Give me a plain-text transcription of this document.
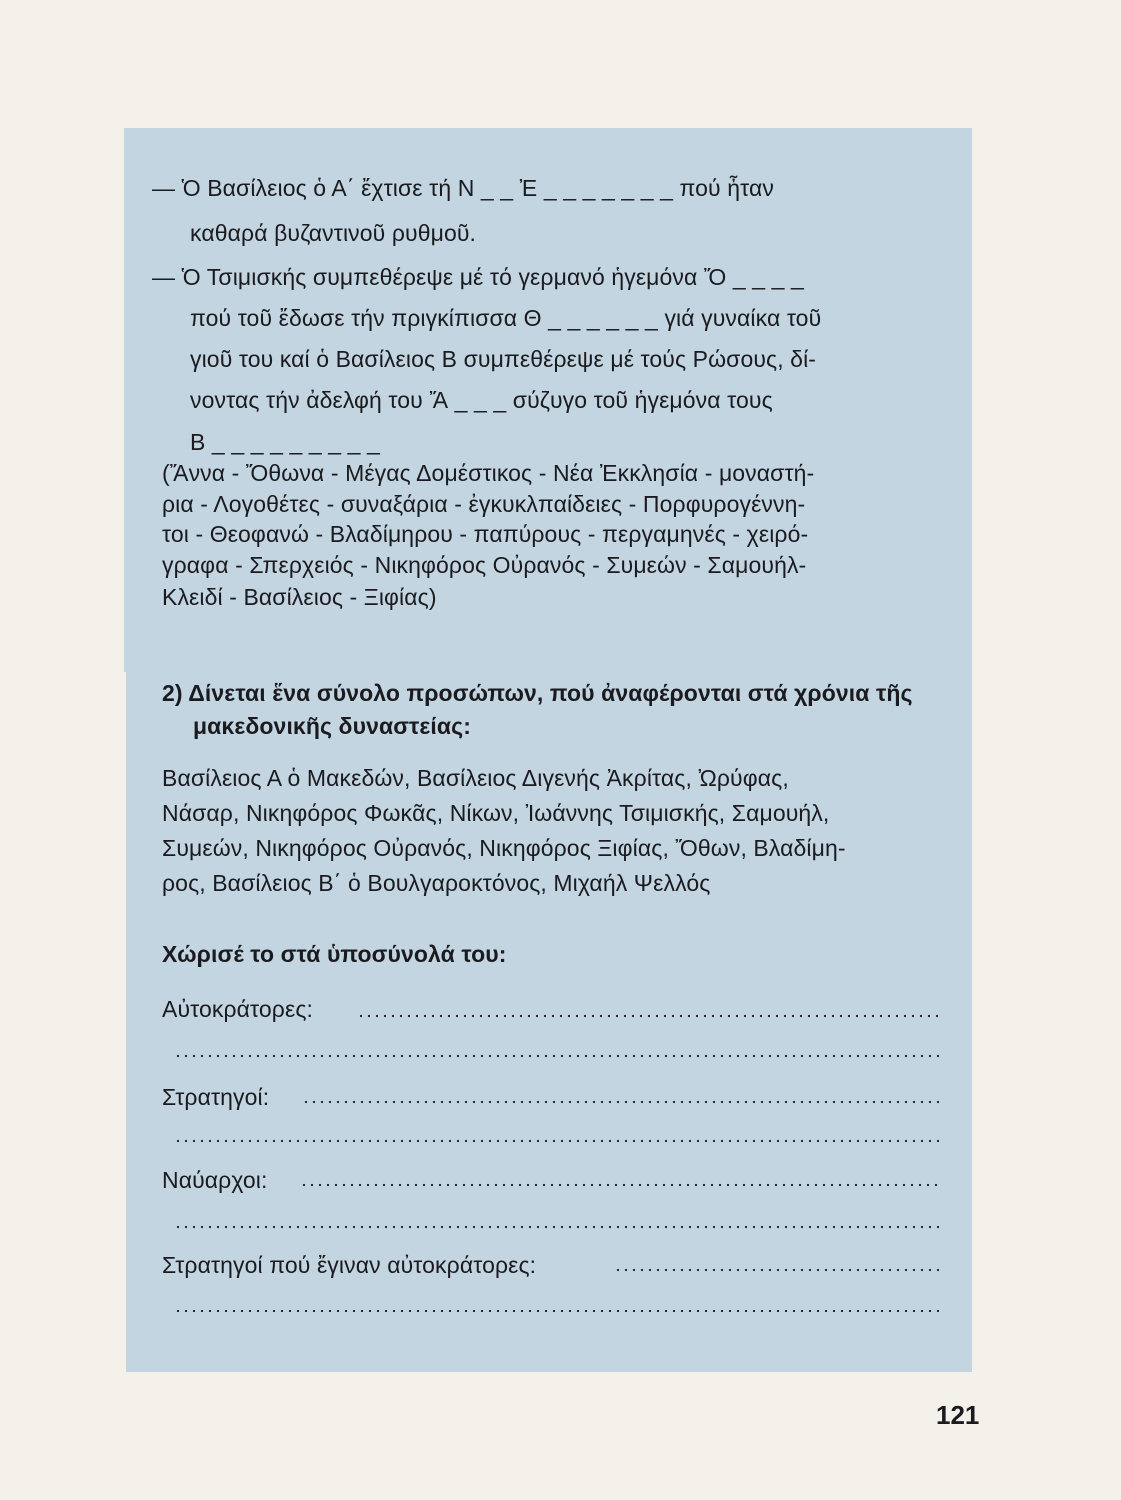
— Ὁ Βασίλειος ὁ Α΄ ἔχτισε τή Ν _ _ Ἐ _ _ _ _ _ _ _ πού ἦταν
καθαρά βυζαντινοῦ ρυθμοῦ.
— Ὁ Τσιμισκής συμπεθέρεψε μέ τό γερμανό ἡγεμόνα Ὄ _ _ _ _
πού τοῦ ἔδωσε τήν πριγκίπισσα Θ _ _ _ _ _ _ γιά γυναίκα τοῦ
γιοῦ του καί ὁ Βασίλειος Β συμπεθέρεψε μέ τούς Ρώσους, δί-
νοντας τήν ἀδελφή του Ἄ _ _ _ σύζυγο τοῦ ἡγεμόνα τους
Β _ _ _ _ _ _ _ _ _
(Ἄννα - Ὄθωνα - Μέγας Δομέστικος - Νέα Ἐκκλησία - μοναστή-
ρια - Λογοθέτες - συναξάρια - ἐγκυκλπαίδειες - Πορφυρογέννη-
τοι - Θεοφανώ - Βλαδίμηρου - παπύρους - περγαμηνές - χειρό-
γραφα - Σπερχειός - Νικηφόρος Οὐρανός - Συμεών - Σαμουήλ-
Κλειδί - Βασίλειος - Ξιφίας)
2) Δίνεται ἕνα σύνολο προσώπων, πού ἀναφέρονται στά χρόνια τῆς
μακεδονικῆς δυναστείας:
Βασίλειος Α ὁ Μακεδών, Βασίλειος Διγενής Ἀκρίτας, Ὠρύφας,
Νάσαρ, Νικηφόρος Φωκᾶς, Νίκων, Ἰωάννης Τσιμισκής, Σαμουήλ,
Συμεών, Νικηφόρος Οὐρανός, Νικηφόρος Ξιφίας, Ὄθων, Βλαδίμη-
ρος, Βασίλειος Β΄ ὁ Βουλγαροκτόνος, Μιχαήλ Ψελλός
Χώρισέ το στά ὑποσύνολά του:
Αὐτοκράτορες:
Στρατηγοί:
Ναύαρχοι:
Στρατηγοί πού ἔγιναν αὐτοκράτορες:
121
